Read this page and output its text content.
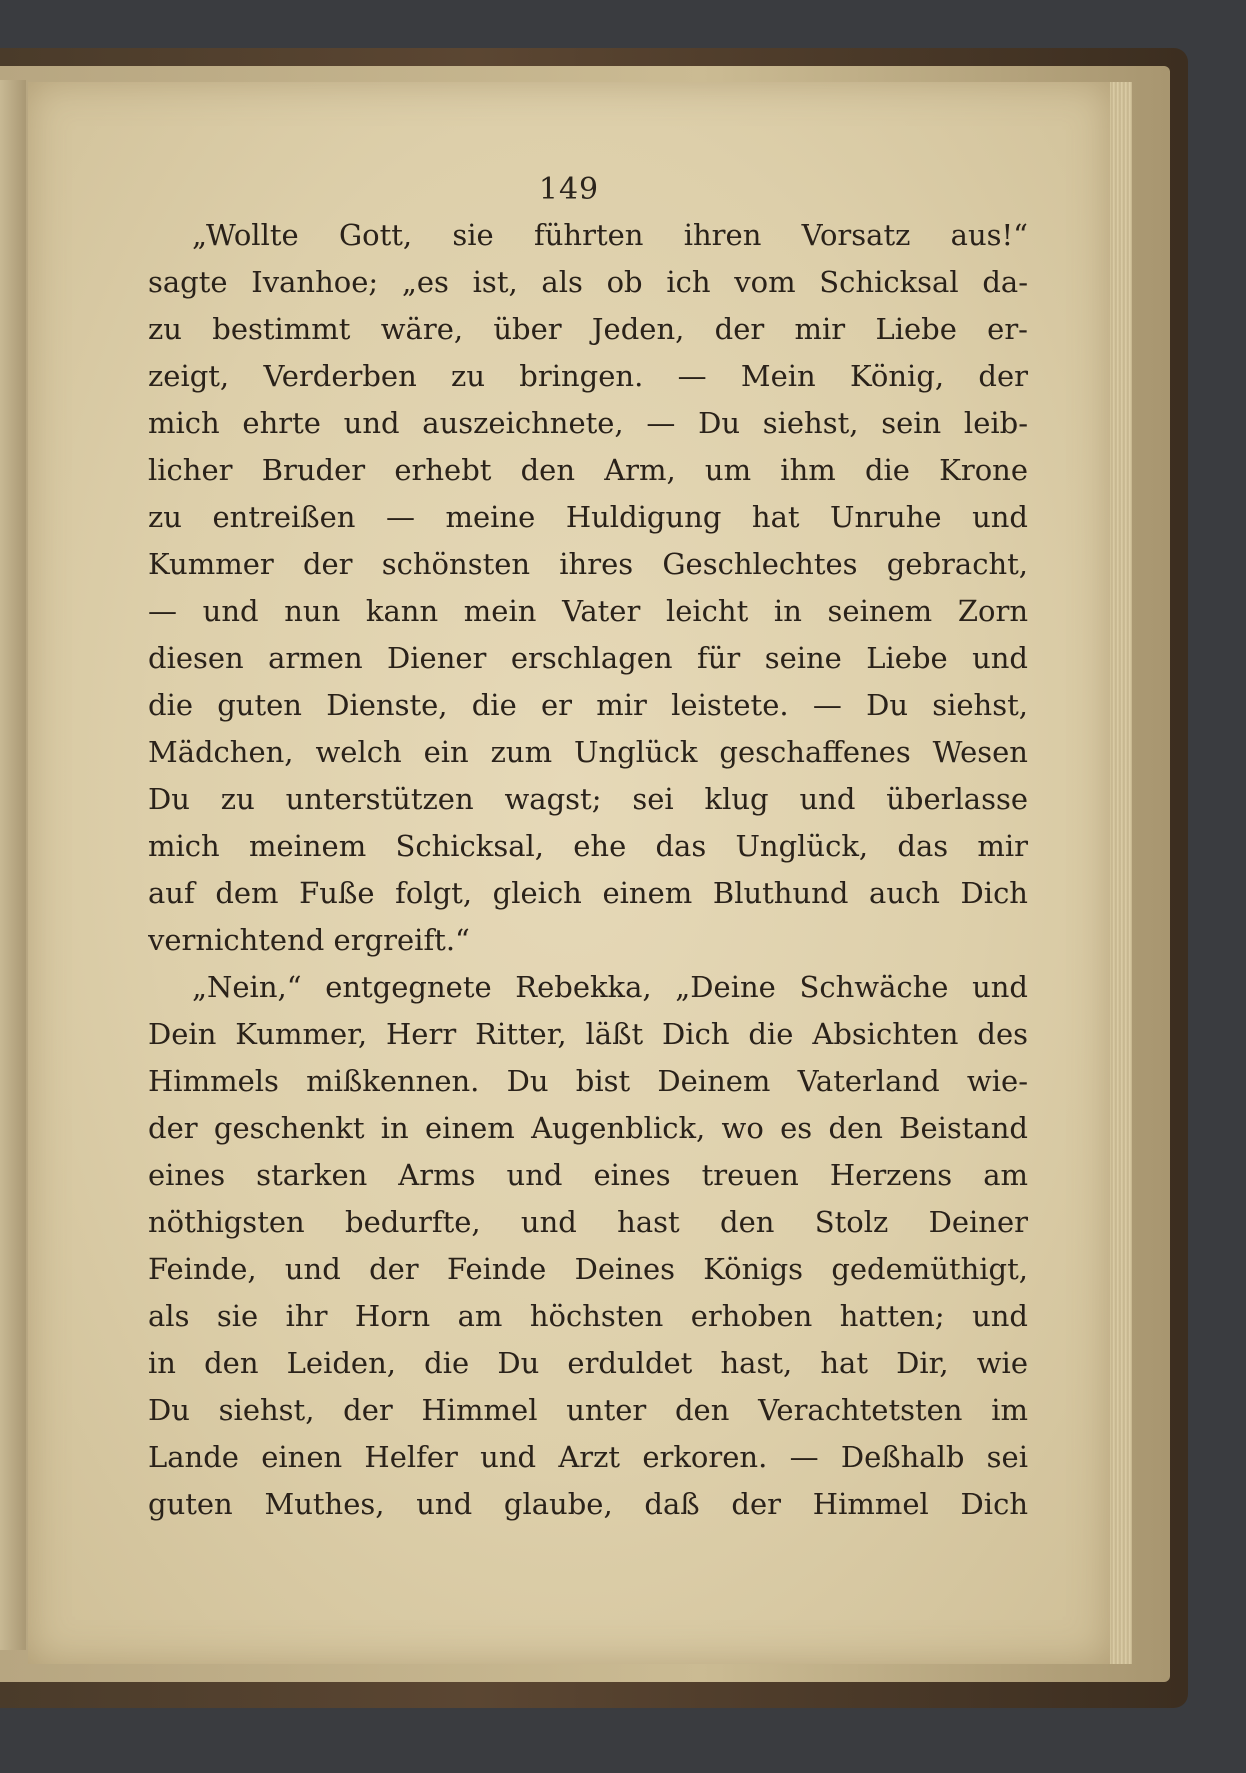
149
„Wollte Gott, sie führten ihren Vorsatz aus!“
sagte Ivanhoe; „es ist, als ob ich vom Schicksal da-
zu bestimmt wäre, über Jeden, der mir Liebe er-
zeigt, Verderben zu bringen. — Mein König, der
mich ehrte und auszeichnete, — Du siehst, sein leib-
licher Bruder erhebt den Arm, um ihm die Krone
zu entreißen — meine Huldigung hat Unruhe und
Kummer der schönsten ihres Geschlechtes gebracht,
— und nun kann mein Vater leicht in seinem Zorn
diesen armen Diener erschlagen für seine Liebe und
die guten Dienste, die er mir leistete. — Du siehst,
Mädchen, welch ein zum Unglück geschaffenes Wesen
Du zu unterstützen wagst; sei klug und überlasse
mich meinem Schicksal, ehe das Unglück, das mir
auf dem Fuße folgt, gleich einem Bluthund auch Dich
vernichtend ergreift.“
„Nein,“ entgegnete Rebekka, „Deine Schwäche und
Dein Kummer, Herr Ritter, läßt Dich die Absichten des
Himmels mißkennen. Du bist Deinem Vaterland wie-
der geschenkt in einem Augenblick, wo es den Beistand
eines starken Arms und eines treuen Herzens am
nöthigsten bedurfte, und hast den Stolz Deiner
Feinde, und der Feinde Deines Königs gedemüthigt,
als sie ihr Horn am höchsten erhoben hatten; und
in den Leiden, die Du erduldet hast, hat Dir, wie
Du siehst, der Himmel unter den Verachtetsten im
Lande einen Helfer und Arzt erkoren. — Deßhalb sei
guten Muthes, und glaube, daß der Himmel Dich
